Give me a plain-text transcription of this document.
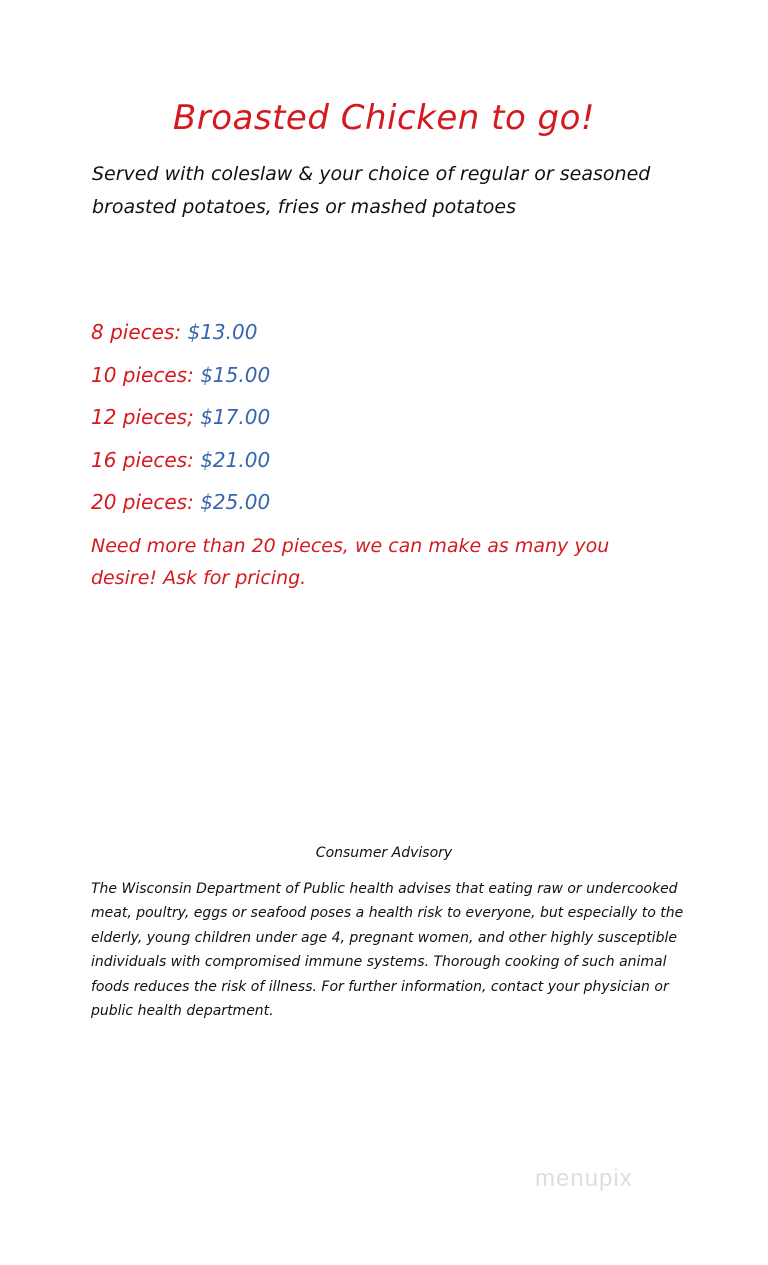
Broasted Chicken to go!
Served with coleslaw & your choice of regular or seasoned broasted potatoes, fries or mashed potatoes
8 pieces: $13.00
10 pieces: $15.00
12 pieces; $17.00
16 pieces: $21.00
20 pieces: $25.00
Need more than 20 pieces, we can make as many you desire! Ask for pricing.
Consumer Advisory
The Wisconsin Department of Public health advises that eating raw or undercooked meat, poultry, eggs or seafood poses a health risk to everyone, but especially to the elderly, young children under age 4, pregnant women, and other highly susceptible individuals with compromised immune systems. Thorough cooking of such animal foods reduces the risk of illness. For further information, contact your physician or public health department.
menupix
